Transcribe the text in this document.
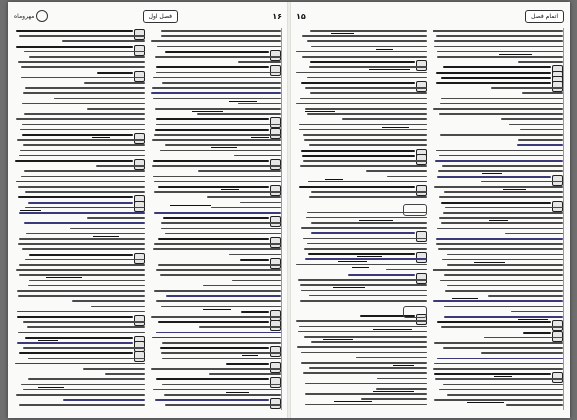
۱۶
فصل اول
مهروماه	اتمام فصل
۱۵
